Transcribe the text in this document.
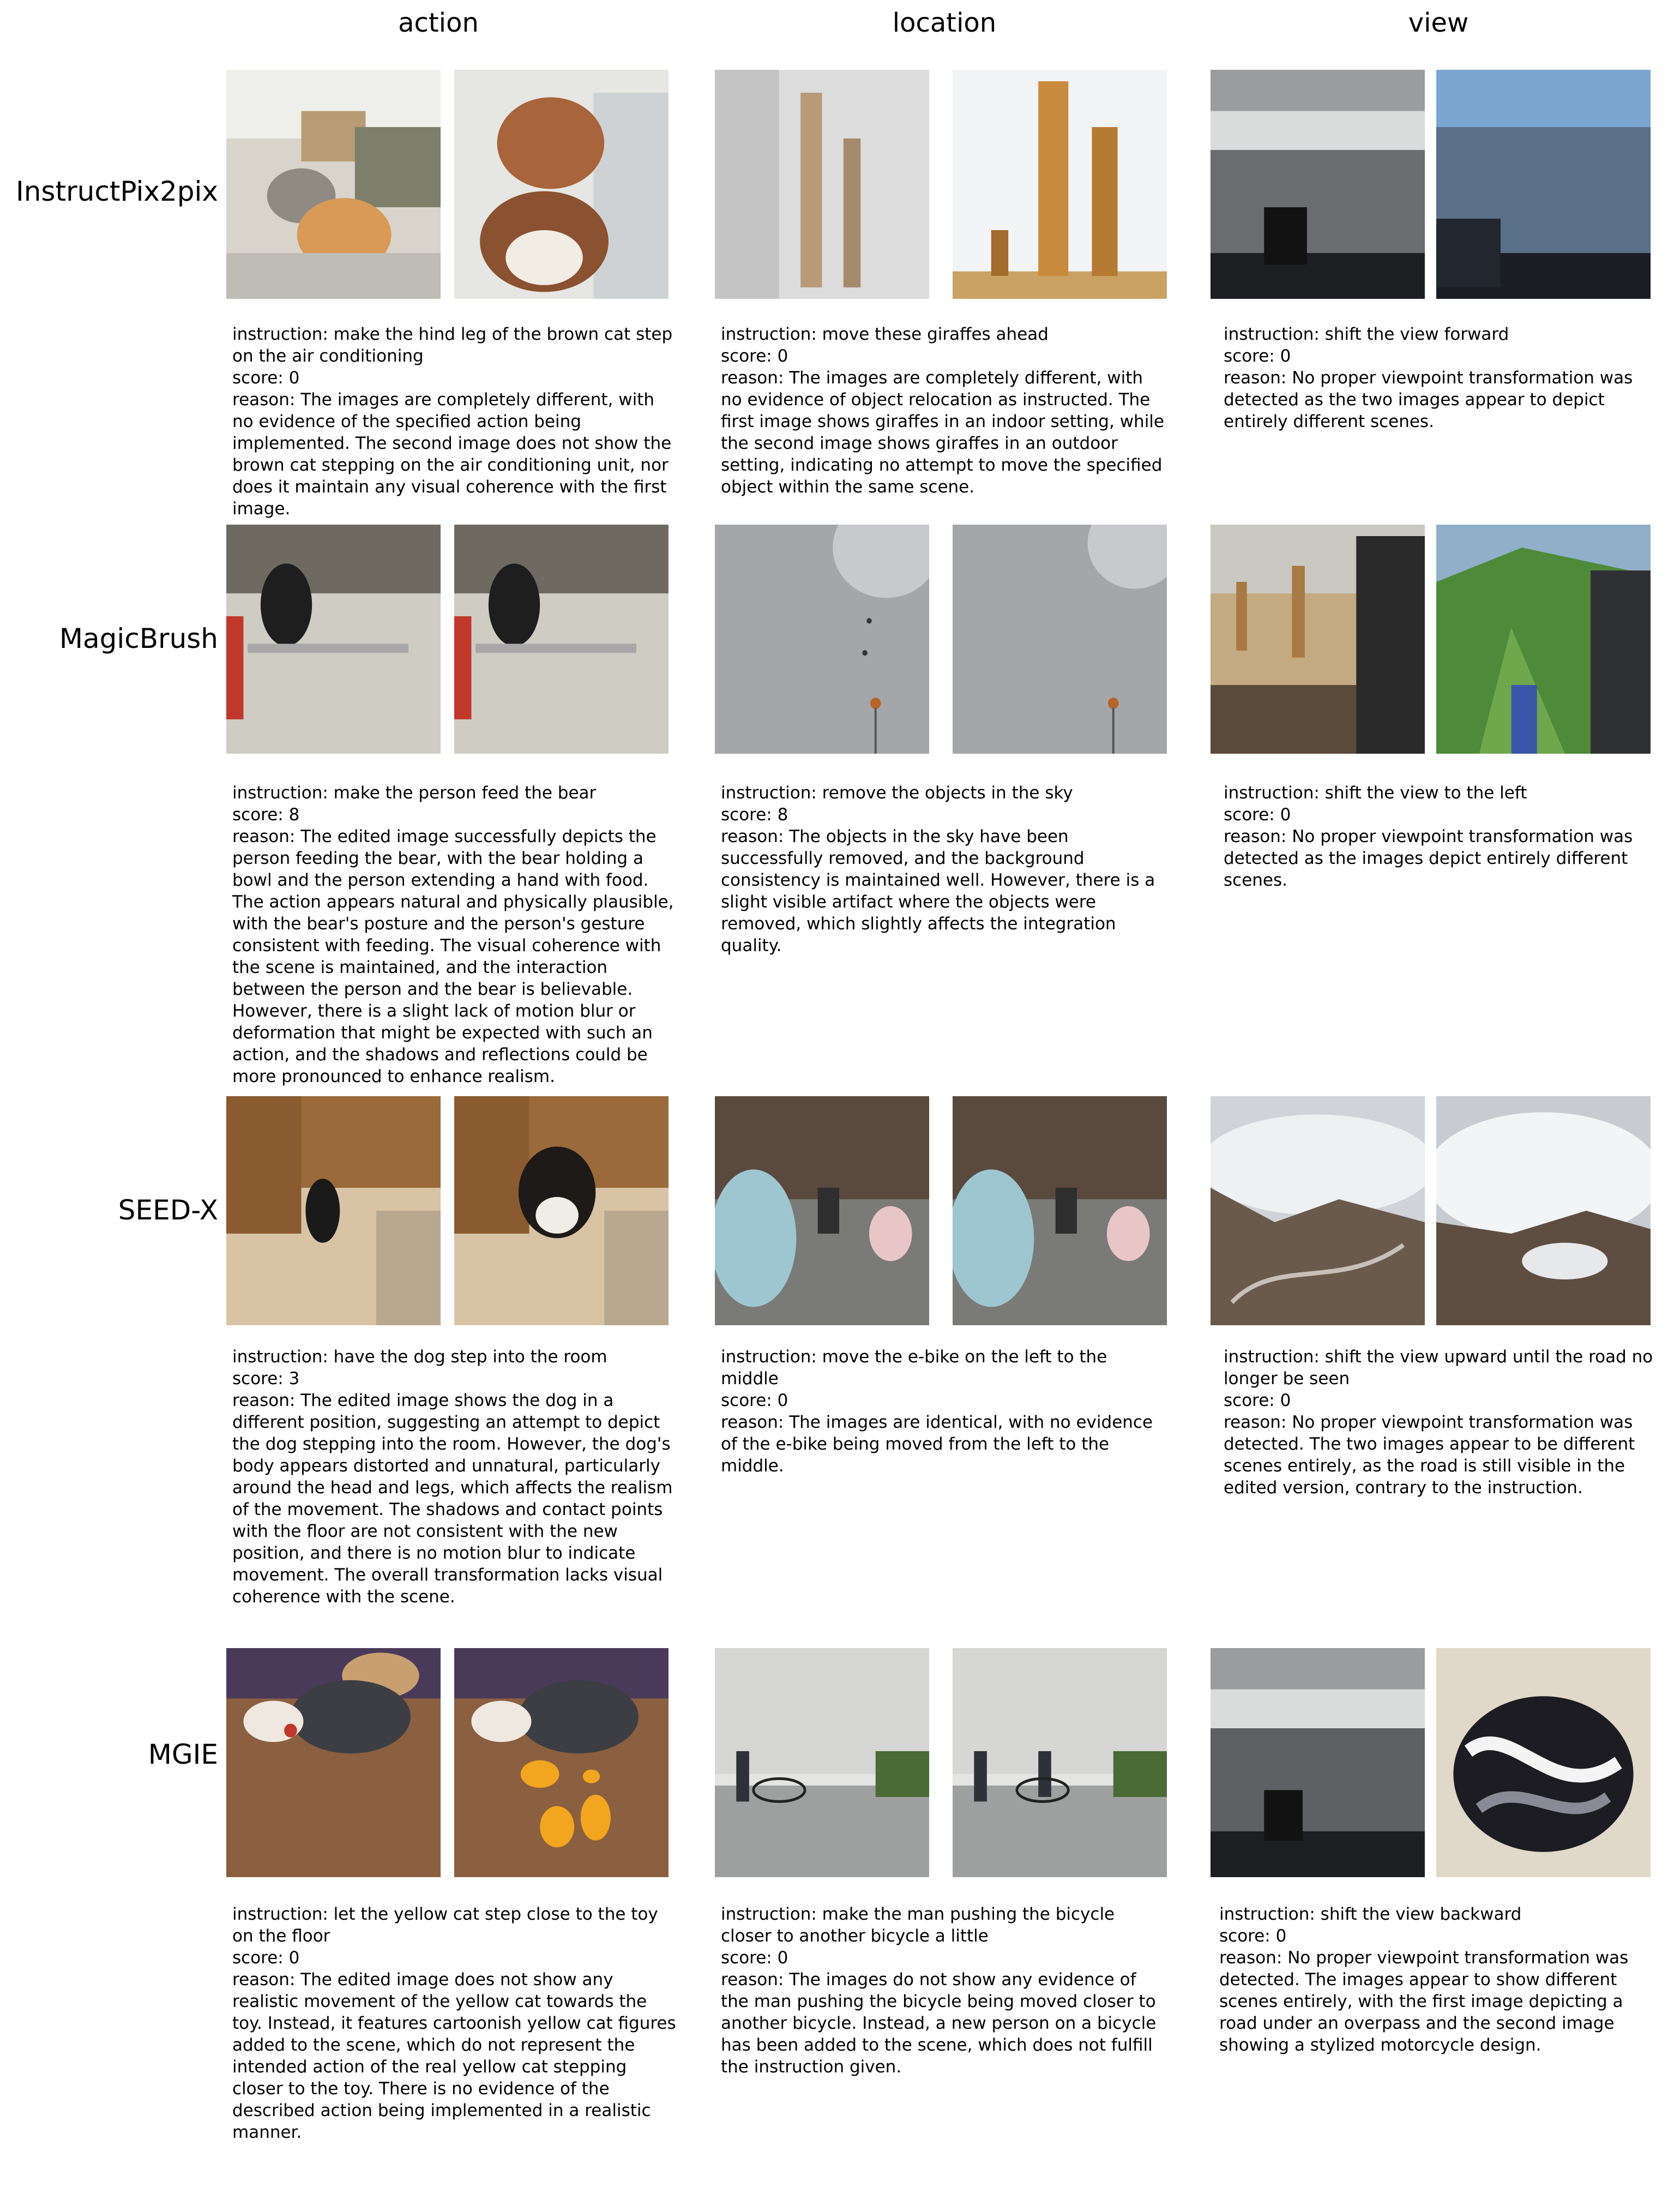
action	location	view
InstructPix2pix
MagicBrush
SEED-X
MGIE
instruction: make the hind leg of the brown cat step on the air conditioning
score: 0
reason: The images are completely different, with no evidence of the specified action being implemented. The second image does not show the brown cat stepping on the air conditioning unit, nor does it maintain any visual coherence with the first image.
instruction: move these giraffes ahead
score: 0
reason: The images are completely different, with no evidence of object relocation as instructed. The first image shows giraffes in an indoor setting, while the second image shows giraffes in an outdoor setting, indicating no attempt to move the specified object within the same scene.
instruction: shift the view forward
score: 0
reason: No proper viewpoint transformation was detected as the two images appear to depict entirely different scenes.
instruction: make the person feed the bear
score: 8
reason: The edited image successfully depicts the person feeding the bear, with the bear holding a bowl and the person extending a hand with food. The action appears natural and physically plausible, with the bear's posture and the person's gesture consistent with feeding. The visual coherence with the scene is maintained, and the interaction between the person and the bear is believable. However, there is a slight lack of motion blur or deformation that might be expected with such an action, and the shadows and reflections could be more pronounced to enhance realism.
instruction: remove the objects in the sky
score: 8
reason: The objects in the sky have been successfully removed, and the background consistency is maintained well. However, there is a slight visible artifact where the objects were removed, which slightly affects the integration quality.
instruction: shift the view to the left
score: 0
reason: No proper viewpoint transformation was detected as the images depict entirely different scenes.
instruction: have the dog step into the room
score: 3
reason: The edited image shows the dog in a different position, suggesting an attempt to depict the dog stepping into the room. However, the dog's body appears distorted and unnatural, particularly around the head and legs, which affects the realism of the movement. The shadows and contact points with the floor are not consistent with the new position, and there is no motion blur to indicate movement. The overall transformation lacks visual coherence with the scene.
instruction: move the e-bike on the left to the middle
score: 0
reason: The images are identical, with no evidence of the e-bike being moved from the left to the middle.
instruction: shift the view upward until the road no longer be seen
score: 0
reason: No proper viewpoint transformation was detected. The two images appear to be different scenes entirely, as the road is still visible in the edited version, contrary to the instruction.
instruction: let the yellow cat step close to the toy on the floor
score: 0
reason: The edited image does not show any realistic movement of the yellow cat towards the toy. Instead, it features cartoonish yellow cat figures added to the scene, which do not represent the intended action of the real yellow cat stepping closer to the toy. There is no evidence of the described action being implemented in a realistic manner.
instruction: make the man pushing the bicycle closer to another bicycle a little
score: 0
reason: The images do not show any evidence of the man pushing the bicycle being moved closer to another bicycle. Instead, a new person on a bicycle has been added to the scene, which does not fulfill the instruction given.
instruction: shift the view backward
score: 0
reason: No proper viewpoint transformation was detected. The images appear to show different scenes entirely, with the first image depicting a road under an overpass and the second image showing a stylized motorcycle design.
